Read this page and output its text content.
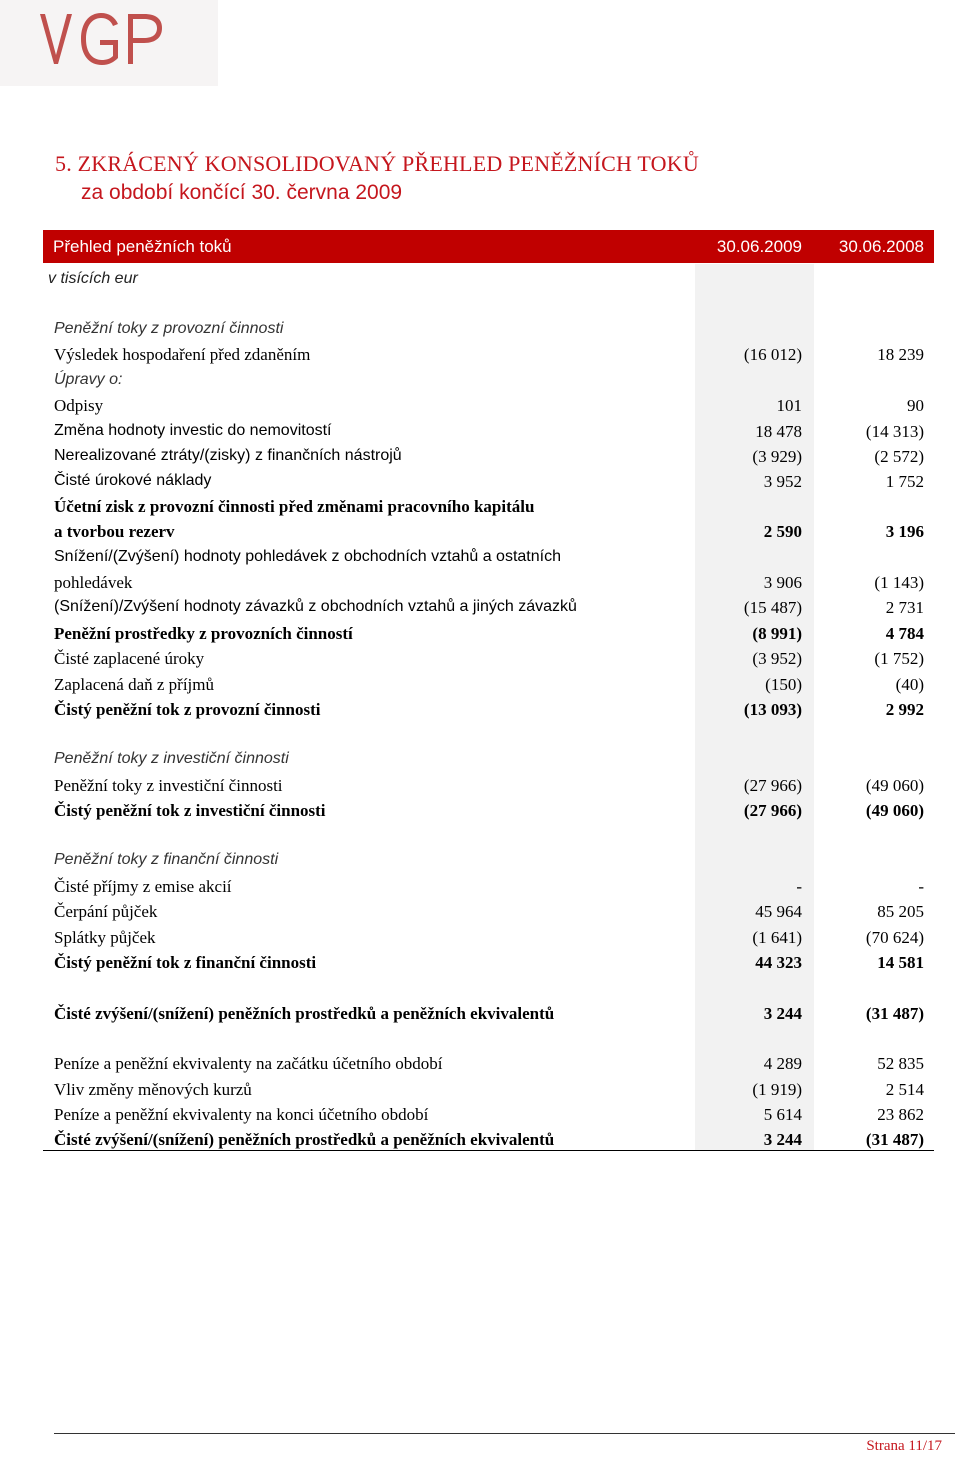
5. ZKRÁCENÝ KONSOLIDOVANÝ PŘEHLED PENĚŽNÍCH TOKŮ
za období končící 30. června 2009
Přehled peněžních toků	30.06.2009 30.06.2008
v tisících eur
Peněžní toky z provozní činnosti
Výsledek hospodaření před zdaněním	(16 012)	18 239
Úpravy o:
Odpisy	101	90
Změna hodnoty investic do nemovitostí	18 478	(14 313)
Nerealizované ztráty/(zisky) z finančních nástrojů	(3 929)	(2 572)
Čisté úrokové náklady	3 952	1 752
Účetní zisk z provozní činnosti před změnami pracovního kapitálu
a tvorbou rezerv	2 590	3 196
Snížení/(Zvýšení) hodnoty pohledávek z obchodních vztahů a ostatních
pohledávek	3 906	(1 143)
(Snížení)/Zvýšení hodnoty závazků z obchodních vztahů a jiných závazků	(15 487)	2 731
Peněžní prostředky z provozních činností	(8 991)	4 784
Čisté zaplacené úroky	(3 952)	(1 752)
Zaplacená daň z příjmů	(150)	(40)
Čistý peněžní tok z provozní činnosti	(13 093)	2 992
Peněžní toky z investiční činnosti
Peněžní toky z investiční činnosti	(27 966)	(49 060)
Čistý peněžní tok z investiční činnosti	(27 966)	(49 060)
Peněžní toky z finanční činnosti
Čisté příjmy z emise akcií	-	-
Čerpání půjček	45 964	85 205
Splátky půjček	(1 641)	(70 624)
Čistý peněžní tok z finanční činnosti	44 323	14 581
Čisté zvýšení/(snížení) peněžních prostředků a peněžních ekvivalentů	3 244	(31 487)
Peníze a peněžní ekvivalenty na začátku účetního období	4 289	52 835
Vliv změny měnových kurzů	(1 919)	2 514
Peníze a peněžní ekvivalenty na konci účetního období	5 614	23 862
Čisté zvýšení/(snížení) peněžních prostředků a peněžních ekvivalentů	3 244	(31 487)
Strana 11/17
